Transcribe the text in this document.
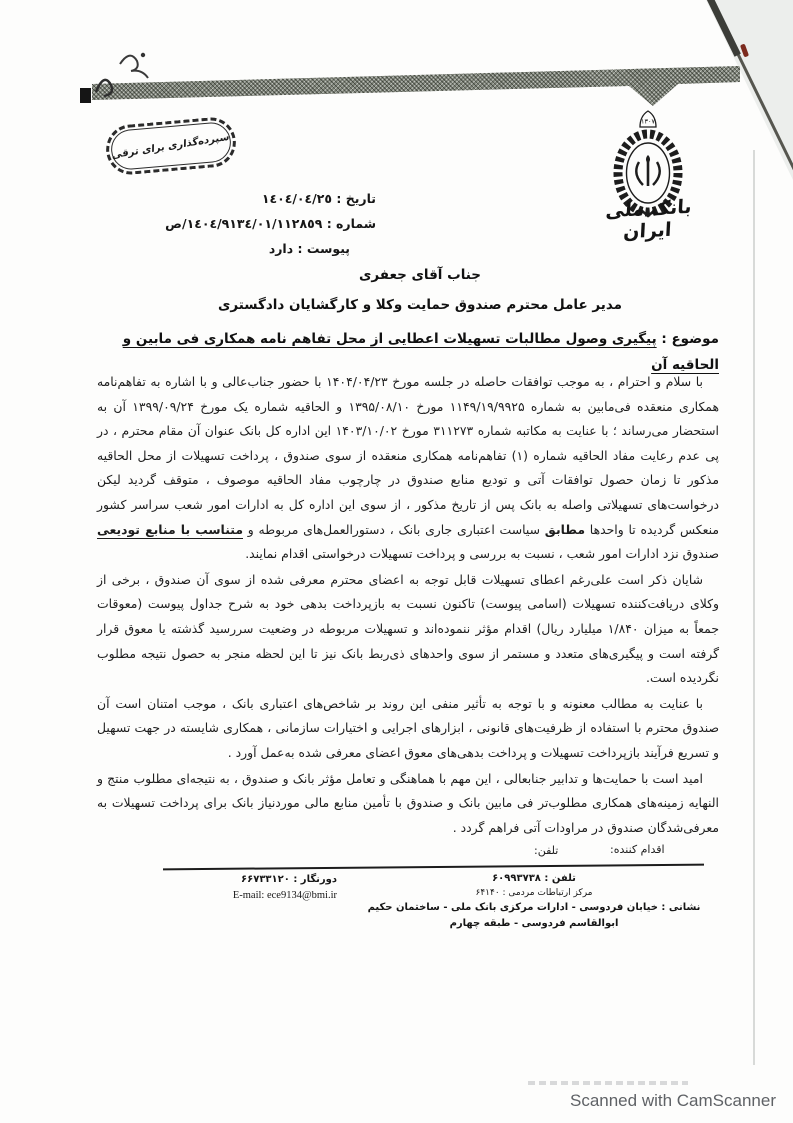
۱۳۰۷
بانک ملی ایران
سپرده‌گذاری برای ترقی
تاریخ : ١٤٠٤/٠٤/٢٥
شماره : ١٤٠٤/٩١٣٤/٠١/١١٢٨٥٩/ص
پیوست : دارد
جناب آقای جعفری
مدیر عامل محترم صندوق حمایت وکلا و کارگشایان دادگستری
موضوع : پیگیری وصول مطالبات تسهیلات اعطایی از محل تفاهم نامه همکاری فی مابین و الحاقیه آن

با سلام و احترام ، به موجب توافقات حاصله در جلسه مورخ ۱۴۰۴/۰۴/۲۳ با حضور جناب‌عالی و با اشاره به تفاهم‌نامه همکاری منعقده فی‌مابین به شماره ۱۱۴۹/۱۹/۹۹۲۵ مورخ ۱۳۹۵/۰۸/۱۰ و الحاقیه شماره یک مورخ ۱۳۹۹/۰۹/۲۴ آن به استحضار می‌رساند ؛ با عنایت به مکاتبه شماره ۳۱۱۲۷۳ مورخ ۱۴۰۳/۱۰/۰۲ این اداره کل بانک عنوان آن مقام محترم ، در پی عدم رعایت مفاد الحاقیه شماره (۱) تفاهم‌نامه همکاری منعقده از سوی صندوق ، پرداخت تسهیلات از محل الحاقیه مذکور تا زمان حصول توافقات آتی و تودیع منابع صندوق در چارچوب مفاد الحاقیه موصوف ، متوقف گردید لیکن درخواست‌های تسهیلاتی واصله به بانک پس از تاریخ مذکور ، از سوی این اداره کل به ادارات امور شعب سراسر کشور منعکس گردیده تا واحدها مطابق سیاست اعتباری جاری بانک ، دستورالعمل‌های مربوطه و متناسب با منابع تودیعی صندوق نزد ادارات امور شعب ، نسبت به بررسی و پرداخت تسهیلات درخواستی اقدام نمایند.

شایان ذکر است علی‌رغم اعطای تسهیلات قابل توجه به اعضای محترم معرفی شده از سوی آن صندوق ، برخی از وکلای دریافت‌کننده تسهیلات (اسامی پیوست) تاکنون نسبت به بازپرداخت بدهی خود به شرح جداول پیوست (معوقات جمعاً به میزان ۱/۸۴۰ میلیارد ریال) اقدام مؤثر ننموده‌اند و تسهیلات مربوطه در وضعیت سررسید گذشته یا معوق قرار گرفته است و پیگیری‌های متعدد و مستمر از سوی واحدهای ذی‌ربط بانک نیز تا این لحظه منجر به حصول نتیجه مطلوب نگردیده است.

با عنایت به مطالب معنونه و با توجه به تأثیر منفی این روند بر شاخص‌های اعتباری بانک ، موجب امتنان است آن صندوق محترم با استفاده از ظرفیت‌های قانونی ، ابزارهای اجرایی و اختیارات سازمانی ، همکاری شایسته در جهت تسهیل و تسریع فرآیند بازپرداخت تسهیلات و پرداخت بدهی‌های معوق اعضای معرفی شده به‌عمل آورد .

امید است با حمایت‌ها و تدابیر جنابعالی ، این مهم با هماهنگی و تعامل مؤثر بانک و صندوق ، به نتیجه‌ای مطلوب منتج و النهایه زمینه‌های همکاری مطلوب‌تر فی مابین بانک و صندوق با تأمین منابع مالی موردنیاز بانک برای پرداخت تسهیلات به معرفی‌شدگان صندوق در مراودات آتی فراهم گردد .

اقدام کننده:
تلفن:
تلفن : ۶۰۹۹۳۷۳۸
مرکز ارتباطات مردمی : ۶۴۱۴۰
نشانی : خیابان فردوسی - ادارات مرکزی بانک ملی - ساختمان حکیم
ابوالقاسم فردوسی - طبقه چهارم
دورنگار : ۶۶۷۳۳۱۲۰
E-mail: ece9134@bmi.ir
Scanned with CamScanner
